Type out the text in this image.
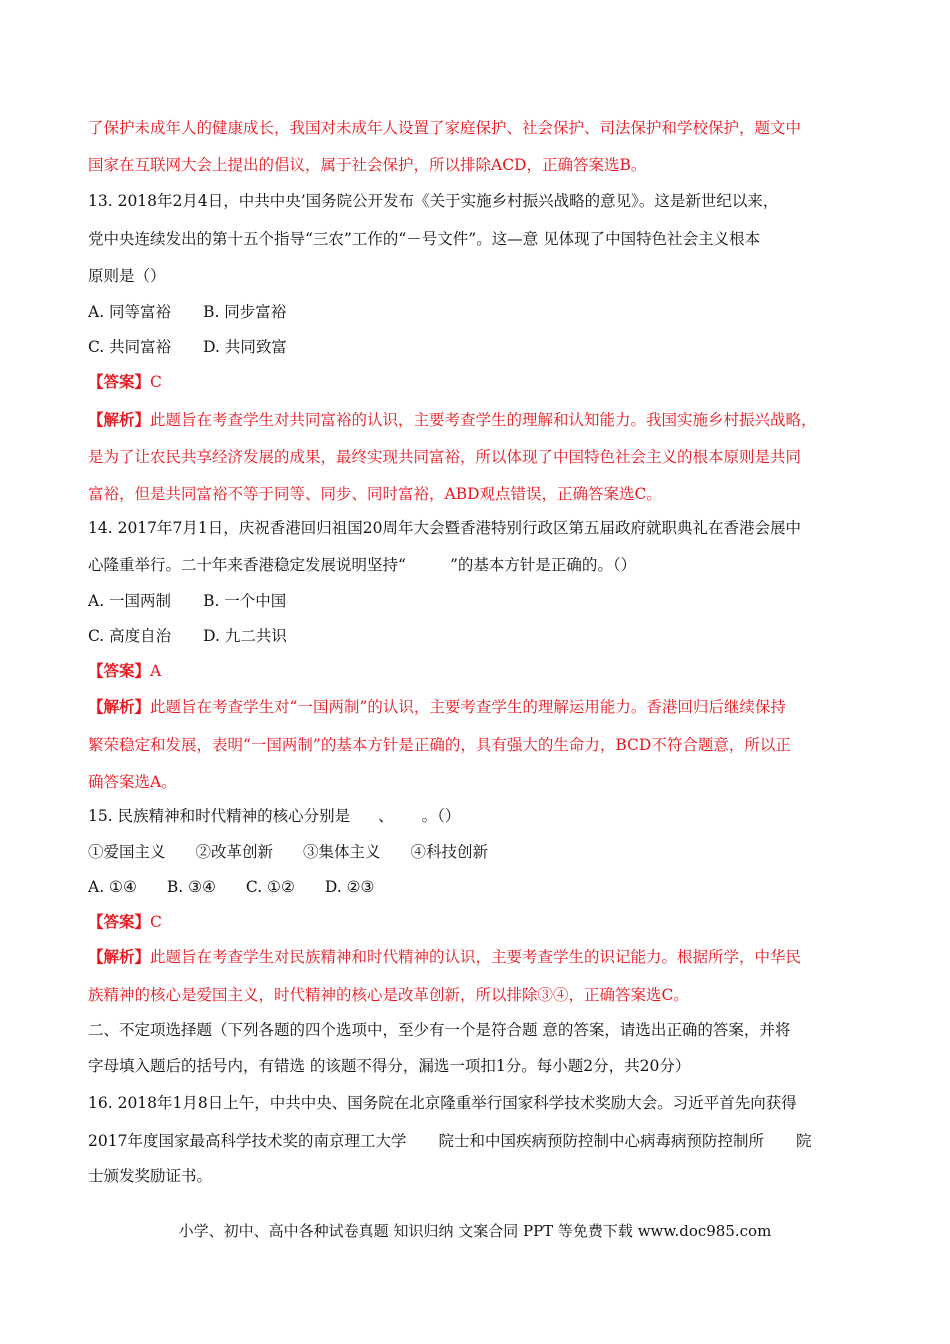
了保护未成年人的健康成长，我国对未成年人设置了家庭保护、社会保护、司法保护和学校保护，题文中
国家在互联网大会上提出的倡议，属于社会保护，所以排除ACD，正确答案选B。
13. 2018年2月4日，中共中央’国务院公开发布《关于实施乡村振兴战略的意见》。这是新世纪以来，
党中央连续发出的第十五个指导“三农”工作的“－号文件”。这—意 见体现了中国特色社会主义根本
原则是（）
A. 同等富裕 B. 同步富裕
C. 共同富裕 D. 共同致富
【答案】C
【解析】此题旨在考查学生对共同富裕的认识，主要考查学生的理解和认知能力。我国实施乡村振兴战略，
是为了让农民共享经济发展的成果，最终实现共同富裕，所以体现了中国特色社会主义的根本原则是共同
富裕，但是共同富裕不等于同等、同步、同时富裕，ABD观点错误，正确答案选C。
14. 2017年7月1日，庆祝香港回归祖国20周年大会暨香港特别行政区第五届政府就职典礼在香港会展中
心隆重举行。二十年来香港稳定发展说明坚持“	”的基本方针是正确的。（）
A. 一国两制 B. 一个中国
C. 高度自治 D. 九二共识
【答案】A
【解析】此题旨在考查学生对“一国两制”的认识，主要考查学生的理解运用能力。香港回归后继续保持
繁荣稳定和发展，表明“一国两制”的基本方针是正确的，具有强大的生命力，BCD不符合题意，所以正
确答案选A。
15. 民族精神和时代精神的核心分别是 、 。（）
①爱国主义 ②改革创新 ③集体主义 ④科技创新
A. ①④ B. ③④ C. ①② D. ②③
【答案】C
【解析】此题旨在考查学生对民族精神和时代精神的认识，主要考查学生的识记能力。根据所学，中华民
族精神的核心是爱国主义，时代精神的核心是改革创新，所以排除③④，正确答案选C。
二、不定项选择题（下列各题的四个选项中，至少有一个是符合题 意的答案，请选出正确的答案，并将
字母填入题后的括号内，有错选 的该题不得分，漏选一项扣1分。每小题2分，共20分）
16. 2018年1月8日上午，中共中央、国务院在北京隆重举行国家科学技术奖励大会。习近平首先向获得
2017年度国家最高科学技术奖的南京理工大学 院士和中国疾病预防控制中心病毒病预防控制所 院
士颁发奖励证书。
小学、初中、高中各种试卷真题 知识归纳 文案合同 PPT 等免费下载 www.doc985.com
